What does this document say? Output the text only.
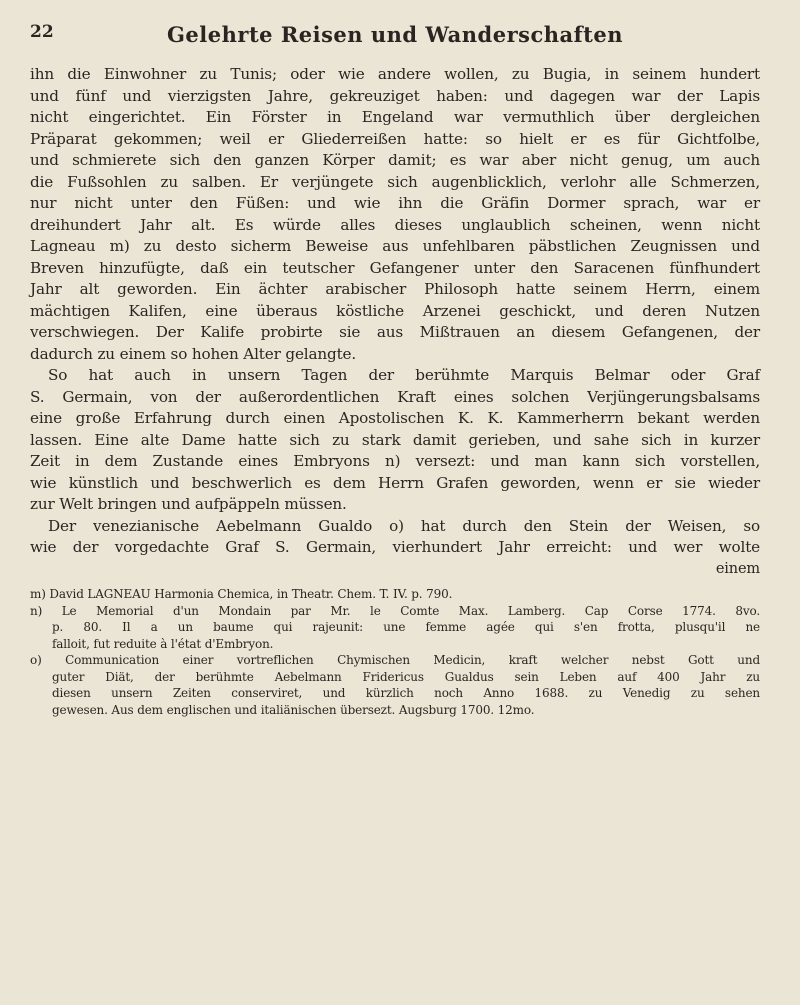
22	Gelehrte Reisen und Wanderschaften
ihn die Einwohner zu Tunis; oder wie andere wollen, zu Bugia, in seinem hundert
und fünf und vierzigsten Jahre, gekreuziget haben: und dagegen war der Lapis
nicht eingerichtet. Ein Förster in Engeland war vermuthlich über dergleichen
Präparat gekommen; weil er Gliederreißen hatte: so hielt er es für Gichtfolbe,
und schmierete sich den ganzen Körper damit; es war aber nicht genug, um auch
die Fußsohlen zu salben. Er verjüngete sich augenblicklich, verlohr alle Schmerzen,
nur nicht unter den Füßen: und wie ihn die Gräfin Dormer sprach, war er
dreihundert Jahr alt. Es würde alles dieses unglaublich scheinen, wenn nicht
Lagneau m) zu desto sicherm Beweise aus unfehlbaren päbstlichen Zeugnissen und
Breven hinzufügte, daß ein teutscher Gefangener unter den Saracenen fünfhundert
Jahr alt geworden. Ein ächter arabischer Philosoph hatte seinem Herrn, einem
mächtigen Kalifen, eine überaus köstliche Arzenei geschickt, und deren Nutzen
verschwiegen. Der Kalife probirte sie aus Mißtrauen an diesem Gefangenen, der
dadurch zu einem so hohen Alter gelangte.
So hat auch in unsern Tagen der berühmte Marquis Belmar oder Graf
S. Germain, von der außerordentlichen Kraft eines solchen Verjüngerungsbalsams
eine große Erfahrung durch einen Apostolischen K. K. Kammerherrn bekant werden
lassen. Eine alte Dame hatte sich zu stark damit gerieben, und sahe sich in kurzer
Zeit in dem Zustande eines Embryons n) versezt: und man kann sich vorstellen,
wie künstlich und beschwerlich es dem Herrn Grafen geworden, wenn er sie wieder
zur Welt bringen und aufpäppeln müssen.
Der venezianische Aebelmann Gualdo o) hat durch den Stein der Weisen, so
wie der vorgedachte Graf S. Germain, vierhundert Jahr erreicht: und wer wolte
einem
m) David LAGNEAU Harmonia Chemica, in Theatr. Chem. T. IV. p. 790.
n) Le Memorial d'un Mondain par Mr. le Comte Max. Lamberg. Cap Corse 1774. 8vo.
p. 80. Il a un baume qui rajeunit: une femme agée qui s'en frotta, plusqu'il ne
falloit, fut reduite à l'état d'Embryon.
o) Communication einer vortreflichen Chymischen Medicin, kraft welcher nebst Gott und
guter Diät, der berühmte Aebelmann Fridericus Gualdus sein Leben auf 400 Jahr zu
diesen unsern Zeiten conserviret, und kürzlich noch Anno 1688. zu Venedig zu sehen
gewesen. Aus dem englischen und italiänischen übersezt. Augsburg 1700. 12mo.
